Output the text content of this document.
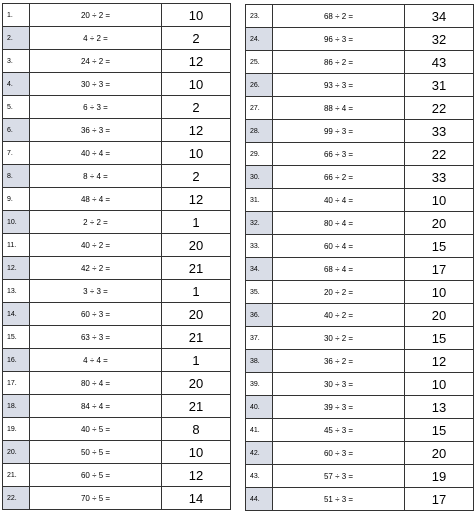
1.	20 ÷ 2 =	10
2.	4 ÷ 2 =	2
3.	24 ÷ 2 =	12
4.	30 ÷ 3 =	10
5.	6 ÷ 3 =	2
6.	36 ÷ 3 =	12
7.	40 ÷ 4 =	10
8.	8 ÷ 4 =	2
9.	48 ÷ 4 =	12
10.	2 ÷ 2 =	1
11.	40 ÷ 2 =	20
12.	42 ÷ 2 =	21
13.	3 ÷ 3 =	1
14.	60 ÷ 3 =	20
15.	63 ÷ 3 =	21
16.	4 ÷ 4 =	1
17.	80 ÷ 4 =	20
18.	84 ÷ 4 =	21
19.	40 ÷ 5 =	8
20.	50 ÷ 5 =	10
21.	60 ÷ 5 =	12
22.	70 ÷ 5 =	14
23.	68 ÷ 2 =	34
24.	96 ÷ 3 =	32
25.	86 ÷ 2 =	43
26.	93 ÷ 3 =	31
27.	88 ÷ 4 =	22
28.	99 ÷ 3 =	33
29.	66 ÷ 3 =	22
30.	66 ÷ 2 =	33
31.	40 ÷ 4 =	10
32.	80 ÷ 4 =	20
33.	60 ÷ 4 =	15
34.	68 ÷ 4 =	17
35.	20 ÷ 2 =	10
36.	40 ÷ 2 =	20
37.	30 ÷ 2 =	15
38.	36 ÷ 2 =	12
39.	30 ÷ 3 =	10
40.	39 ÷ 3 =	13
41.	45 ÷ 3 =	15
42.	60 ÷ 3 =	20
43.	57 ÷ 3 =	19
44.	51 ÷ 3 =	17
